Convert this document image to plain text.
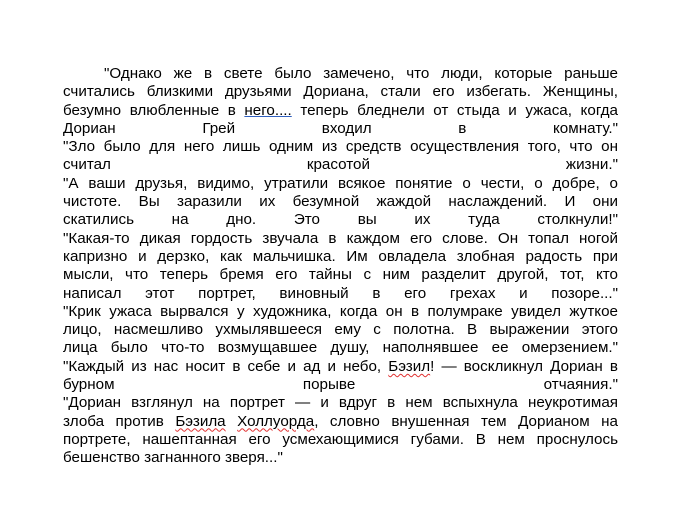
"Однако же в свете было замечено, что люди, которые раньше
считались близкими друзьями Дориана, стали его избегать. Женщины,
безумно влюбленные в него.... теперь бледнели от стыда и ужаса, когда
Дориан Грей входил в комнату."
"Зло было для него лишь одним из средств осуществления того, что он
считал красотой жизни."
"А ваши друзья, видимо, утратили всякое понятие о чести, о добре, о
чистоте. Вы заразили их безумной жаждой наслаждений. И они
скатились на дно. Это вы их туда столкнули!"
"Какая-то дикая гордость звучала в каждом его слове. Он топал ногой
капризно и дерзко, как мальчишка. Им овладела злобная радость при
мысли, что теперь бремя его тайны с ним разделит другой, тот, кто
написал этот портрет, виновный в его грехах и позоре..."
"Крик ужаса вырвался у художника, когда он в полумраке увидел жуткое
лицо, насмешливо ухмылявшееся ему с полотна. В выражении этого
лица было что-то возмущавшее душу, наполнявшее ее омерзением."
"Каждый из нас носит в себе и ад и небо, Бэзил! — воскликнул Дориан в
бурном порыве отчаяния."
"Дориан взглянул на портрет — и вдруг в нем вспыхнула неукротимая
злоба против Бэзила Холлуорда, словно внушенная тем Дорианом на
портрете, нашептанная его усмехающимися губами. В нем проснулось
бешенство загнанного зверя..."
